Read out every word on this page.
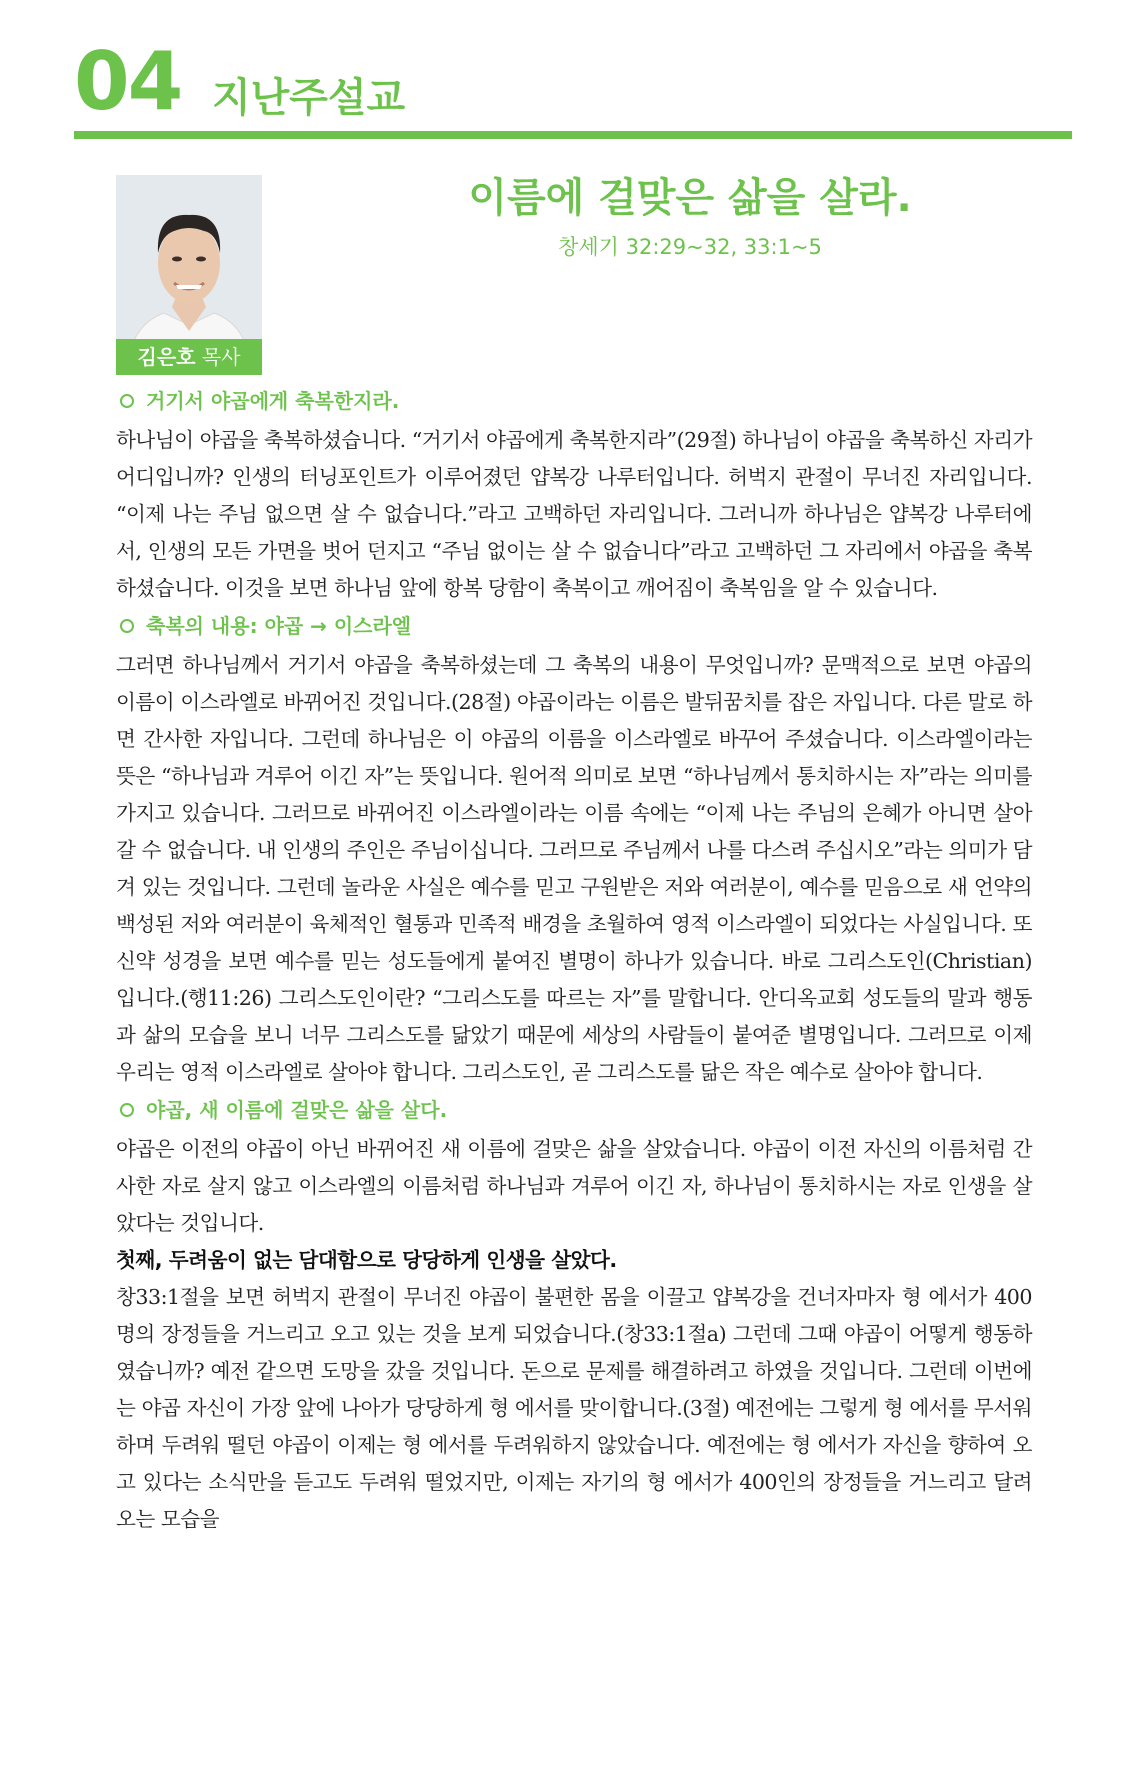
04 지난주설교
김은호 목사
이름에 걸맞은 삶을 살라.
창세기 32:29~32, 33:1~5
거기서 야곱에게 축복한지라.

하나님이 야곱을 축복하셨습니다. “거기서 야곱에게 축복한지라”(29절) 하나님이 야곱을 축복하신 자리가 어디입니까? 인생의 터닝포인트가 이루어졌던 얍복강 나루터입니다. 허벅지 관절이 무너진 자리입니다. “이제 나는 주님 없으면 살 수 없습니다.”라고 고백하던 자리입니다. 그러니까 하나님은 얍복강 나루터에서, 인생의 모든 가면을 벗어 던지고 “주님 없이는 살 수 없습니다”라고 고백하던 그 자리에서 야곱을 축복하셨습니다. 이것을 보면 하나님 앞에 항복 당함이 축복이고 깨어짐이 축복임을 알 수 있습니다.

축복의 내용: 야곱 → 이스라엘

그러면 하나님께서 거기서 야곱을 축복하셨는데 그 축복의 내용이 무엇입니까? 문맥적으로 보면 야곱의 이름이 이스라엘로 바뀌어진 것입니다.(28절) 야곱이라는 이름은 발뒤꿈치를 잡은 자입니다. 다른 말로 하면 간사한 자입니다. 그런데 하나님은 이 야곱의 이름을 이스라엘로 바꾸어 주셨습니다. 이스라엘이라는 뜻은 “하나님과 겨루어 이긴 자”는 뜻입니다. 원어적 의미로 보면 “하나님께서 통치하시는 자”라는 의미를 가지고 있습니다. 그러므로 바뀌어진 이스라엘이라는 이름 속에는 “이제 나는 주님의 은혜가 아니면 살아갈 수 없습니다. 내 인생의 주인은 주님이십니다. 그러므로 주님께서 나를 다스려 주십시오”라는 의미가 담겨 있는 것입니다. 그런데 놀라운 사실은 예수를 믿고 구원받은 저와 여러분이, 예수를 믿음으로 새 언약의 백성된 저와 여러분이 육체적인 혈통과 민족적 배경을 초월하여 영적 이스라엘이 되었다는 사실입니다. 또 신약 성경을 보면 예수를 믿는 성도들에게 붙여진 별명이 하나가 있습니다. 바로 그리스도인(Christian)입니다.(행11:26) 그리스도인이란? “그리스도를 따르는 자”를 말합니다. 안디옥교회 성도들의 말과 행동과 삶의 모습을 보니 너무 그리스도를 닮았기 때문에 세상의 사람들이 붙여준 별명입니다. 그러므로 이제 우리는 영적 이스라엘로 살아야 합니다. 그리스도인, 곧 그리스도를 닮은 작은 예수로 살아야 합니다.

야곱, 새 이름에 걸맞은 삶을 살다.

야곱은 이전의 야곱이 아닌 바뀌어진 새 이름에 걸맞은 삶을 살았습니다. 야곱이 이전 자신의 이름처럼 간사한 자로 살지 않고 이스라엘의 이름처럼 하나님과 겨루어 이긴 자, 하나님이 통치하시는 자로 인생을 살았다는 것입니다.

첫째, 두려움이 없는 담대함으로 당당하게 인생을 살았다.

창33:1절을 보면 허벅지 관절이 무너진 야곱이 불편한 몸을 이끌고 얍복강을 건너자마자 형 에서가 400명의 장정들을 거느리고 오고 있는 것을 보게 되었습니다.(창33:1절a) 그런데 그때 야곱이 어떻게 행동하였습니까? 예전 같으면 도망을 갔을 것입니다. 돈으로 문제를 해결하려고 하였을 것입니다. 그런데 이번에는 야곱 자신이 가장 앞에 나아가 당당하게 형 에서를 맞이합니다.(3절) 예전에는 그렇게 형 에서를 무서워하며 두려워 떨던 야곱이 이제는 형 에서를 두려워하지 않았습니다. 예전에는 형 에서가 자신을 향하여 오고 있다는 소식만을 듣고도 두려워 떨었지만, 이제는 자기의 형 에서가 400인의 장정들을 거느리고 달려오는 모습을
